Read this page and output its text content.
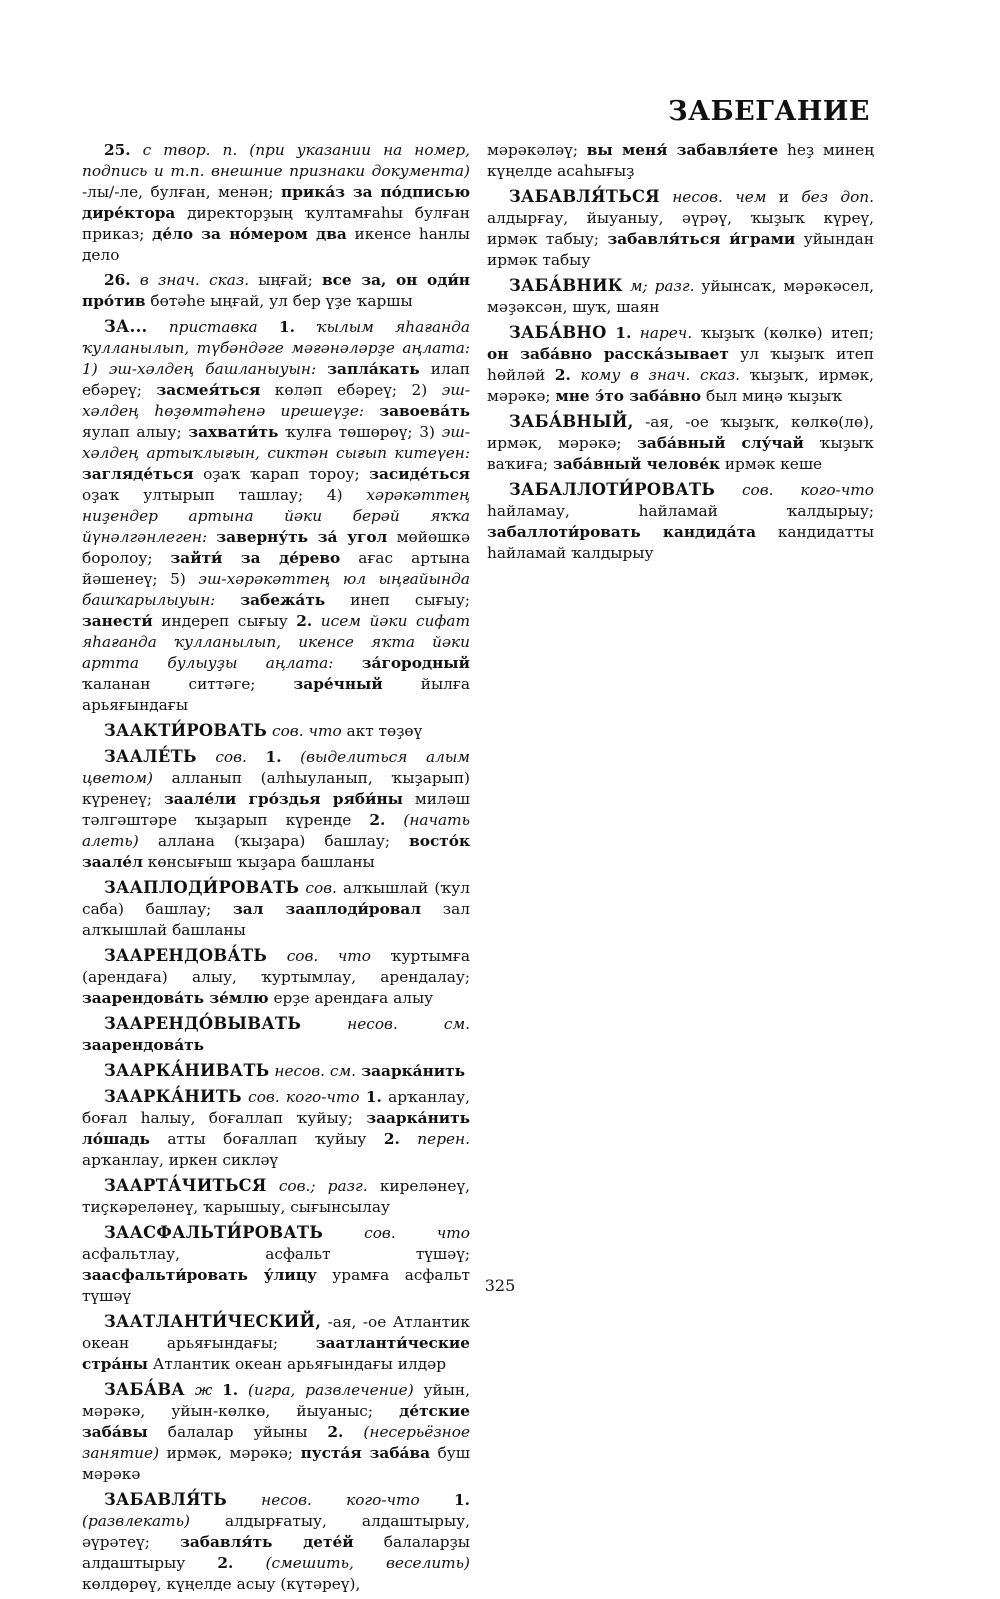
ЗАБЕГАНИЕ

25. с твор. п. (при указании на номер, подпись и т.п. внешние признаки документа) -лы/-ле, булған, менән; прика́з за по́дписью дире́ктора директорҙың ҡултамғаһы булған приказ; де́ло за но́мером два икенсе һанлы дело

26. в знач. сказ. ыңғай; все за, он оди́н про́тив бөтәһе ыңғай, ул бер үҙе ҡаршы

ЗА... приставка 1. ҡылым яһағанда ҡулланылып, түбәндәге мәғәнәләрҙе аңлата: 1) эш-хәлдең башланыуын: запла́кать илап ебәреү; засмея́ться көләп ебәреү; 2) эш-хәлдең һөҙөмтәһенә ирешеүҙе: завоева́ть яулап алыу; захвати́ть ҡулға төшөрөү; 3) эш-хәлдең артыҡлығын, сиктән сығып китеүен: загляде́ться оҙаҡ ҡарап тороу; засиде́ться оҙаҡ ултырып ташлау; 4) хәрәкәттең ниҙендер артына йәки берәй яҡҡа йүнәлгәнлеген: заверну́ть за́ угол мөйөшкә боролоу; зайти́ за де́рево ағас артына йәшенеү; 5) эш-хәрәкәттең юл ыңғайында башҡарылыуын: забежа́ть инеп сығыу; занести́ индереп сығыу 2. исем йәки сифат яһағанда ҡулланылып, икенсе яҡта йәки артта булыуҙы аңлата: за́городный ҡаланан ситтәге; заре́чный йылға арьяғындағы

ЗААКТИ́РОВАТЬ сов. что акт төҙөү

ЗААЛЕ́ТЬ сов. 1. (выделиться алым цветом) алланып (алһыуланып, ҡыҙарып) күренеү; заале́ли гро́здья ряби́ны миләш тәлгәштәре ҡыҙарып күренде 2. (начать алеть) аллана (ҡыҙара) башлау; восто́к заале́л көнсығыш ҡыҙара башланы

ЗААПЛОДИ́РОВАТЬ сов. алҡышлай (ҡул саба) башлау; зал зааплоди́ровал зал алҡышлай башланы

ЗААРЕНДОВА́ТЬ сов. что ҡуртымға (арендаға) алыу, ҡуртымлау, арендалау; заарендова́ть зе́млю ерҙе арендаға алыу

ЗААРЕНДО́ВЫВАТЬ несов. см. заарендова́ть

ЗААРКА́НИВАТЬ несов. см. заарка́нить

ЗААРКА́НИТЬ сов. кого-что 1. арҡанлау, боғал һалыу, боғаллап ҡуйыу; заарка́нить ло́шадь атты боғаллап ҡуйыу 2. перен. арҡанлау, иркен сикләү

ЗААРТА́ЧИТЬСЯ сов.; разг. киреләнеү, тиҫкәреләнеү, ҡарышыу, сығынсылау

ЗААСФАЛЬТИ́РОВАТЬ сов. что асфальтлау, асфальт түшәү; заасфальти́ровать у́лицу урамға асфальт түшәү

ЗААТЛАНТИ́ЧЕСКИЙ, -ая, -ое Атлантик океан арьяғындағы; заатланти́ческие стра́ны Атлантик океан арьяғындағы илдәр

ЗАБА́ВА ж 1. (игра, развлечение) уйын, мәрәкә, уйын-көлкө, йыуаныс; де́тские заба́вы балалар уйыны 2. (несерьёзное занятие) ирмәк, мәрәкә; пуста́я заба́ва буш мәрәкә

ЗАБАВЛЯ́ТЬ несов. кого-что 1. (развлекать) алдырғатыу, алдаштырыу, әүрәтеү; забавля́ть дете́й балаларҙы алдаштырыу 2. (смешить, веселить) көлдөрөү, күңелде асыу (күтәреү),

мәрәкәләү; вы меня́ забавля́ете һеҙ минең күңелде асаһығыҙ

ЗАБАВЛЯ́ТЬСЯ несов. чем и без доп. алдырғау, йыуаныу, әүрәү, ҡыҙыҡ күреү, ирмәк табыу; забавля́ться и́грами уйындан ирмәк табыу

ЗАБА́ВНИК м; разг. уйынсаҡ, мәрәкәсел, мәҙәксән, шуҡ, шаян

ЗАБА́ВНО 1. нареч. ҡыҙыҡ (көлкө) итеп; он заба́вно расска́зывает ул ҡыҙыҡ итеп һөйләй 2. кому в знач. сказ. ҡыҙыҡ, ирмәк, мәрәкә; мне э́то заба́вно был миңә ҡыҙыҡ

ЗАБА́ВНЫЙ, -ая, -ое ҡыҙыҡ, көлкө(лө), ирмәк, мәрәкә; заба́вный слу́чай ҡыҙыҡ ваҡиға; заба́вный челове́к ирмәк кеше

ЗАБАЛЛОТИ́РОВАТЬ сов. кого-что һайламау, һайламай ҡалдырыу; забаллоти́ровать кандида́та кандидатты һайламай ҡалдырыу

325
